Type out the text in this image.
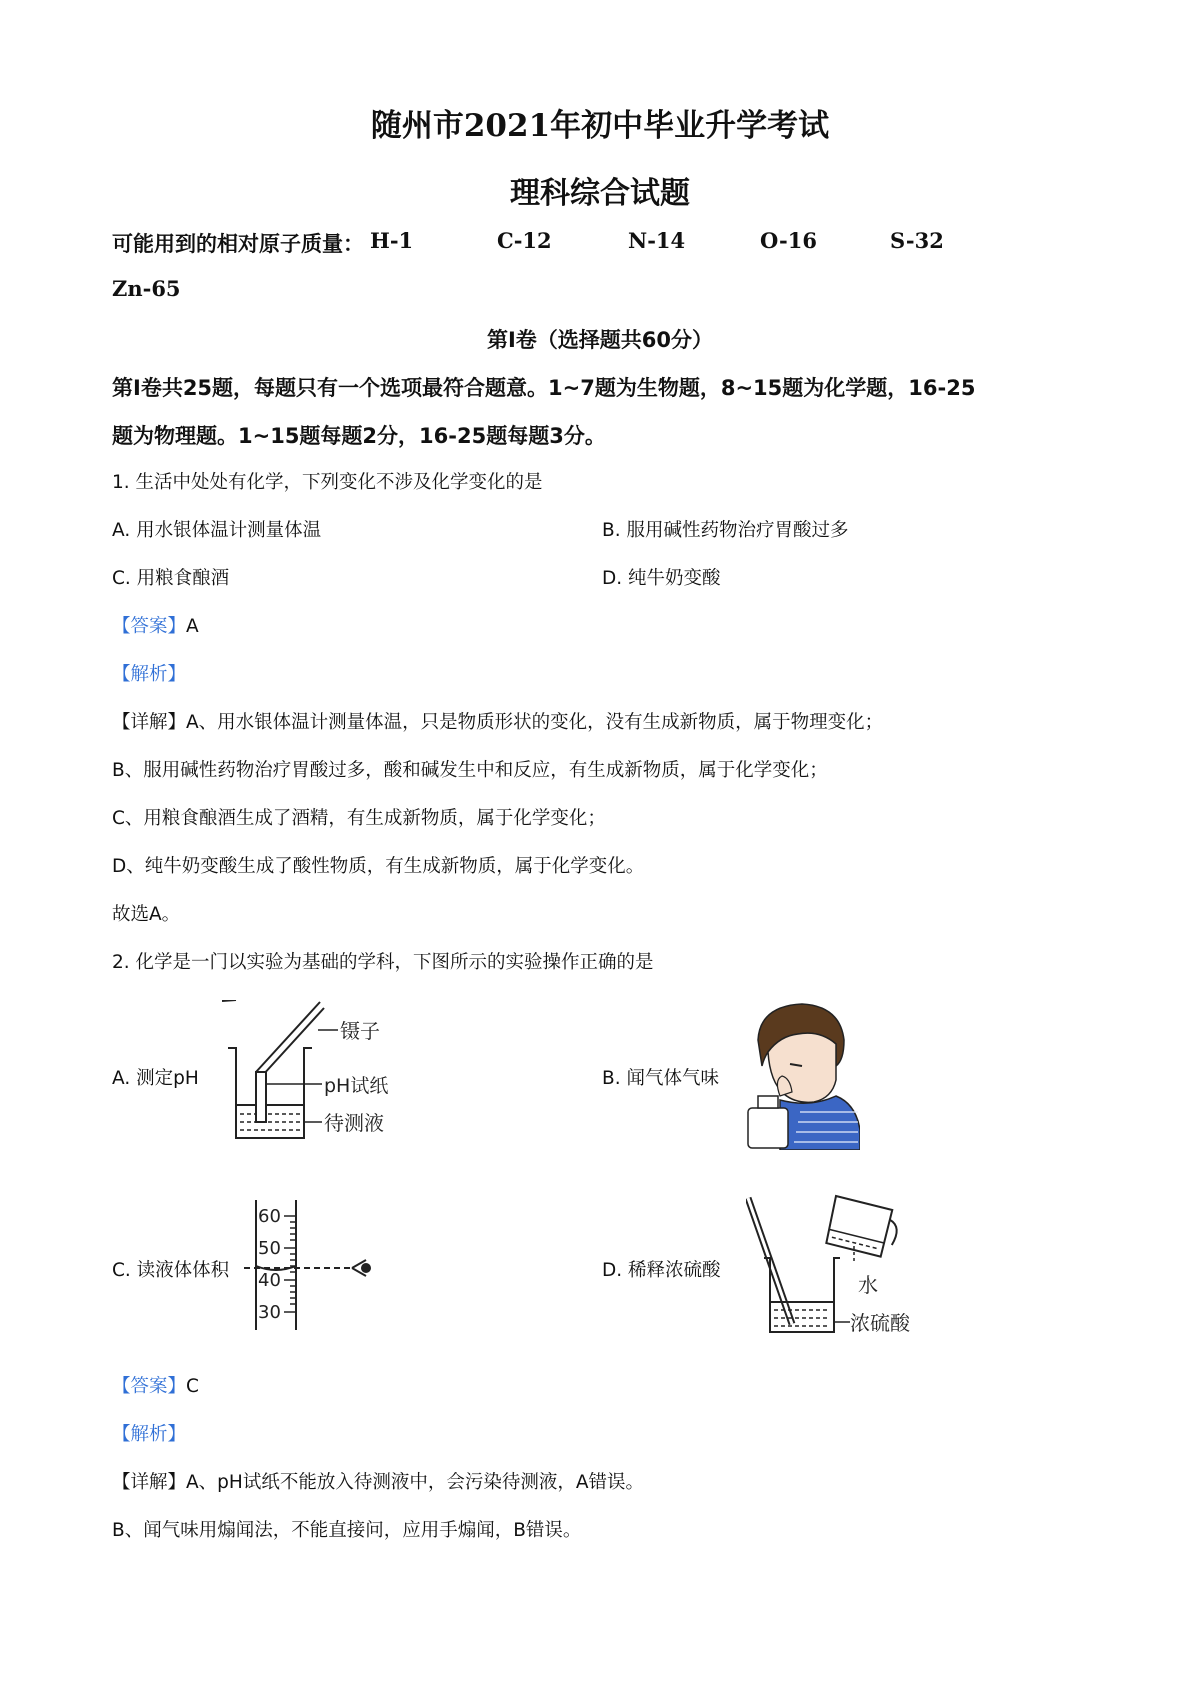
随州市2021年初中毕业升学考试
理科综合试题
可能用到的相对原子质量： H-1	C-12	N-14	O-16	S-32
Zn-65
第Ⅰ卷（选择题共60分）
第Ⅰ卷共25题，每题只有一个选项最符合题意。1~7题为生物题，8~15题为化学题，16-25
题为物理题。1~15题每题2分，16-25题每题3分。
1. 生活中处处有化学，下列变化不涉及化学变化的是
A. 用水银体温计测量体温	B. 服用碱性药物治疗胃酸过多
C. 用粮食酿酒	D. 纯牛奶变酸
【答案】A
【解析】
【详解】A、用水银体温计测量体温，只是物质形状的变化，没有生成新物质，属于物理变化；
B、服用碱性药物治疗胃酸过多，酸和碱发生中和反应，有生成新物质，属于化学变化；
C、用粮食酿酒生成了酒精，有生成新物质，属于化学变化；
D、纯牛奶变酸生成了酸性物质，有生成新物质，属于化学变化。
故选A。
2. 化学是一门以实验为基础的学科，下图所示的实验操作正确的是
A. 测定pH	B. 闻气体气味
C. 读液体体积	D. 稀释浓硫酸
镊子
pH试纸
待测液
60
50
40
30
水
浓硫酸
【答案】C
【解析】
【详解】A、pH试纸不能放入待测液中，会污染待测液，A错误。
B、闻气味用煽闻法，不能直接问，应用手煽闻，B错误。
